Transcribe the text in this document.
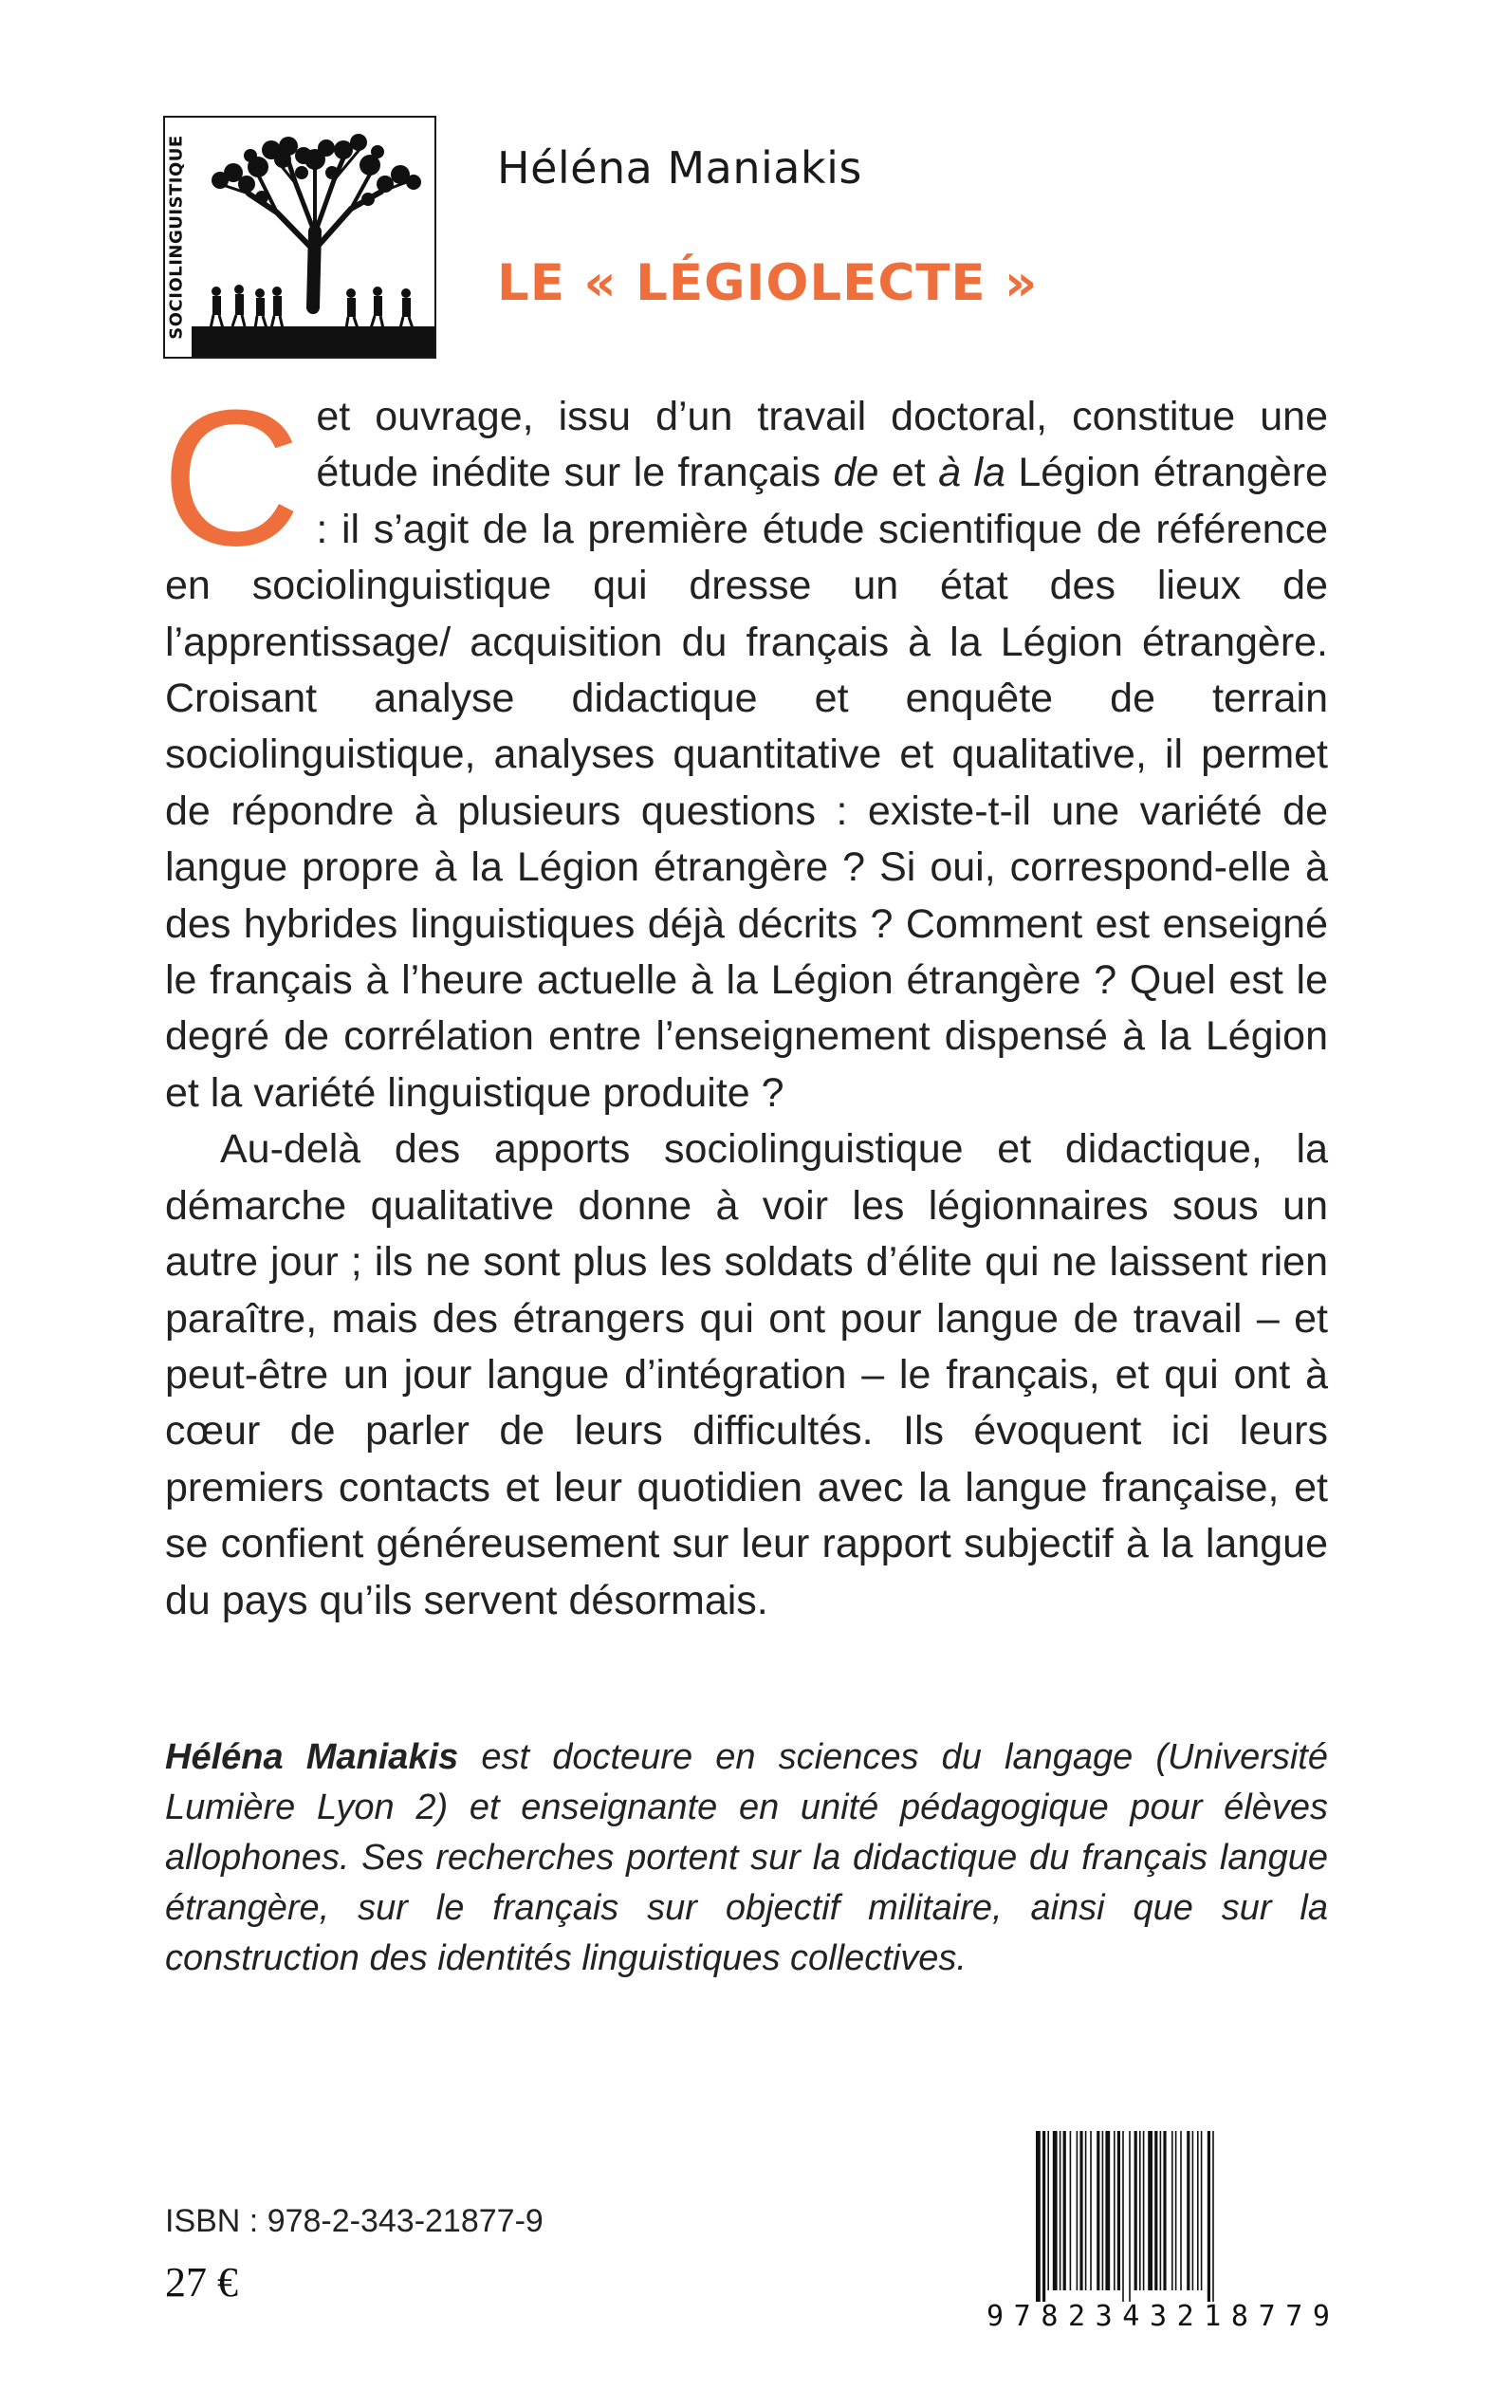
SOCIOLINGUISTIQUE	Héléna Maniakis
LE « LÉGIOLECTE »

Cet ouvrage, issu d’un travail doctoral, constitue une étude inédite sur le français de et à la Légion étrangère : il s’agit de la première étude scientifique de référence en sociolinguistique qui dresse un état des lieux de l’apprentissage/ acquisition du français à la Légion étrangère. Croisant analyse didactique et enquête de terrain sociolinguistique, analyses quantitative et qualitative, il permet de répondre à plusieurs questions : existe-t-il une variété de langue propre à la Légion étrangère ? Si oui, correspond-elle à des hybrides linguistiques déjà décrits ? Comment est enseigné le français à l’heure actuelle à la Légion étrangère ? Quel est le degré de corrélation entre l’enseignement dispensé à la Légion et la variété linguistique produite ?

Au-delà des apports sociolinguistique et didactique, la démarche qualitative donne à voir les légionnaires sous un autre jour ; ils ne sont plus les soldats d’élite qui ne laissent rien paraître, mais des étrangers qui ont pour langue de travail – et peut-être un jour langue d’intégration – le français, et qui ont à cœur de parler de leurs difficultés. Ils évoquent ici leurs premiers contacts et leur quotidien avec la langue française, et se confient généreusement sur leur rapport subjectif à la langue du pays qu’ils servent désormais.

Héléna Maniakis est docteure en sciences du langage (Université Lumière Lyon 2) et enseignante en unité pédagogique pour élèves allophones. Ses recherches portent sur la didactique du français langue étrangère, sur le français sur objectif militaire, ainsi que sur la construction des identités linguistiques collectives.

ISBN : 978-2-343-21877-9

27 €

9 7 8 2 3 4 3 2 1 8 7 7 9
